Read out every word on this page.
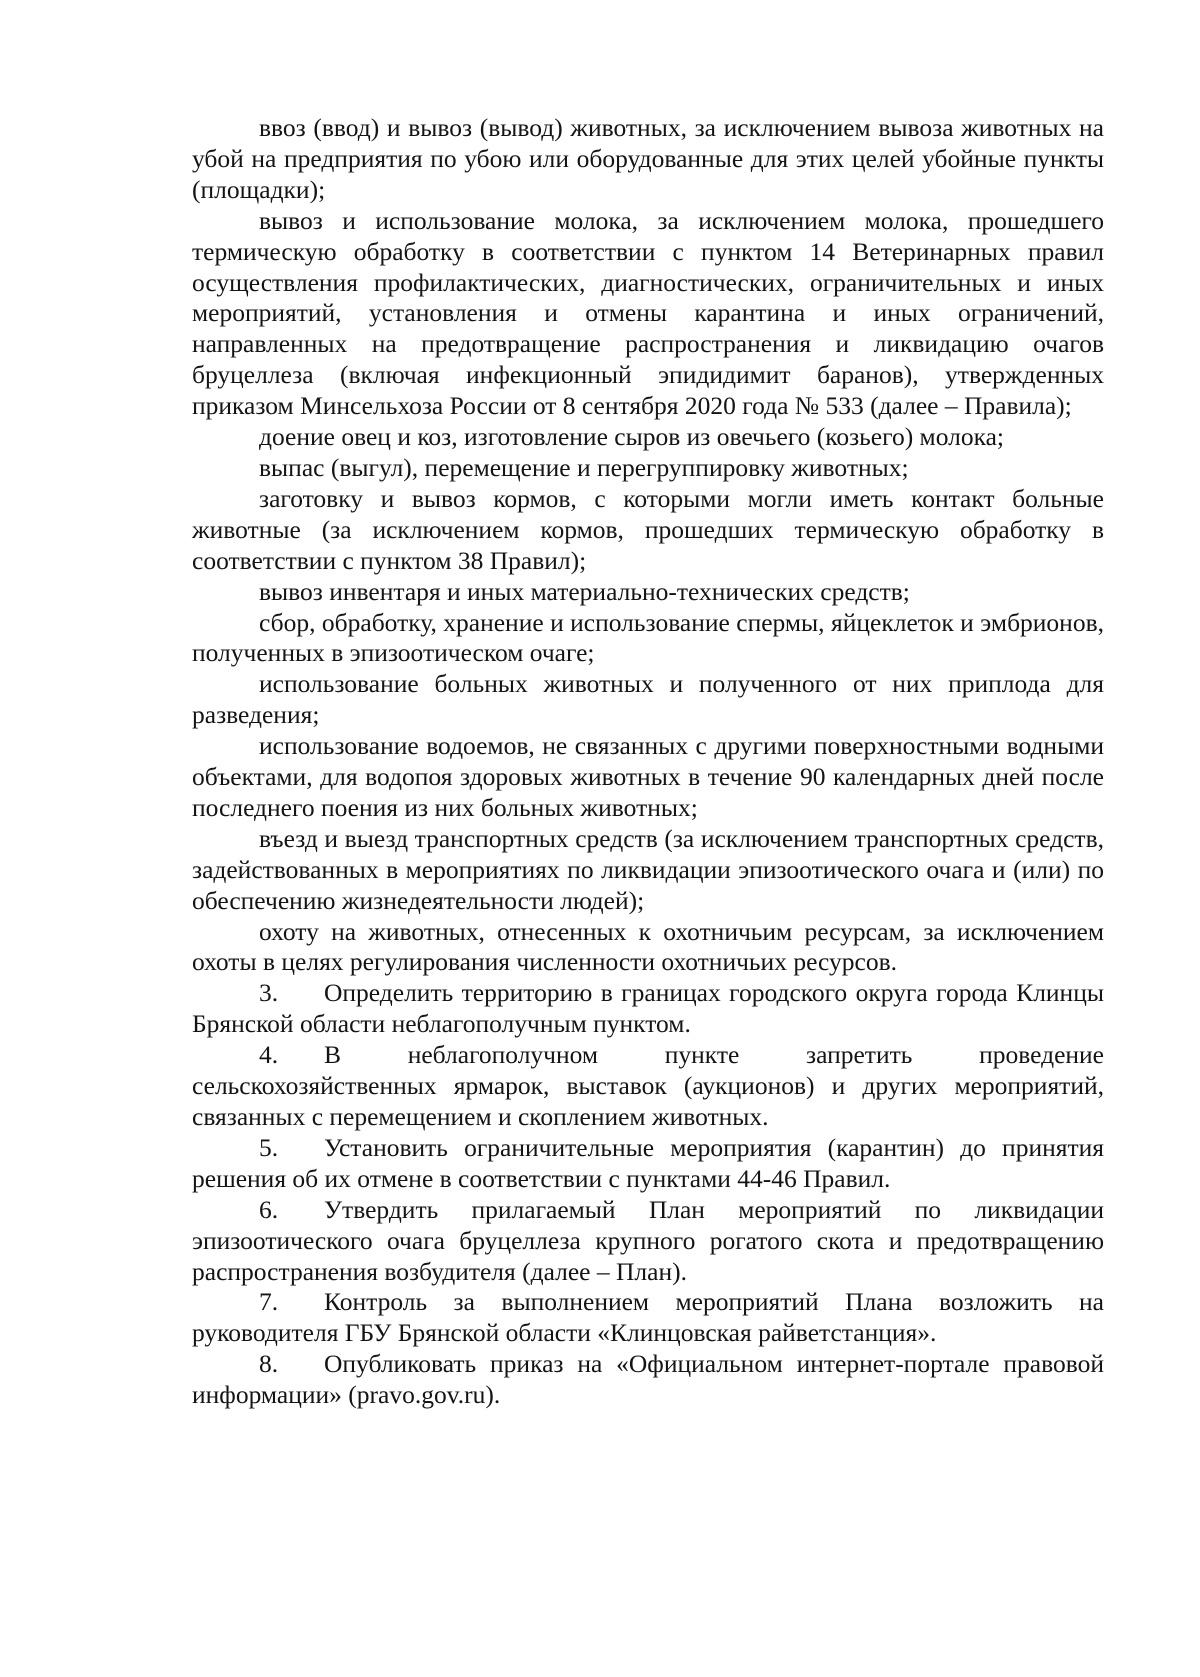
ввоз (ввод) и вывоз (вывод) животных, за исключением вывоза животных на убой на предприятия по убою или оборудованные для этих целей убойные пункты (площадки);

вывоз и использование молока, за исключением молока, прошедшего термическую обработку в соответствии с пунктом 14 Ветеринарных правил осуществления профилактических, диагностических, ограничительных и иных мероприятий, установления и отмены карантина и иных ограничений, направленных на предотвращение распространения и ликвидацию очагов бруцеллеза (включая инфекционный эпидидимит баранов), утвержденных приказом Минсельхоза России от 8 сентября 2020 года № 533 (далее – Правила);

доение овец и коз, изготовление сыров из овечьего (козьего) молока;

выпас (выгул), перемещение и перегруппировку животных;

заготовку и вывоз кормов, с которыми могли иметь контакт больные животные (за исключением кормов, прошедших термическую обработку в соответствии с пунктом 38 Правил);

вывоз инвентаря и иных материально-технических средств;

сбор, обработку, хранение и использование спермы, яйцеклеток и эмбрионов, полученных в эпизоотическом очаге;

использование больных животных и полученного от них приплода для разведения;

использование водоемов, не связанных с другими поверхностными водными объектами, для водопоя здоровых животных в течение 90 календарных дней после последнего поения из них больных животных;

въезд и выезд транспортных средств (за исключением транспортных средств, задействованных в мероприятиях по ликвидации эпизоотического очага и (или) по обеспечению жизнедеятельности людей);

охоту на животных, отнесенных к охотничьим ресурсам, за исключением охоты в целях регулирования численности охотничьих ресурсов.

3. Определить территорию в границах городского округа города Клинцы Брянской области неблагополучным пунктом.

4. В неблагополучном пункте запретить проведение сельскохозяйственных ярмарок, выставок (аукционов) и других мероприятий, связанных с перемещением и скоплением животных.

5. Установить ограничительные мероприятия (карантин) до принятия решения об их отмене в соответствии с пунктами 44-46 Правил.

6. Утвердить прилагаемый План мероприятий по ликвидации эпизоотического очага бруцеллеза крупного рогатого скота и предотвращению распространения возбудителя (далее – План).

7. Контроль за выполнением мероприятий Плана возложить на руководителя ГБУ Брянской области «Клинцовская райветстанция».

8. Опубликовать приказ на «Официальном интернет-портале правовой информации» (pravo.gov.ru).
